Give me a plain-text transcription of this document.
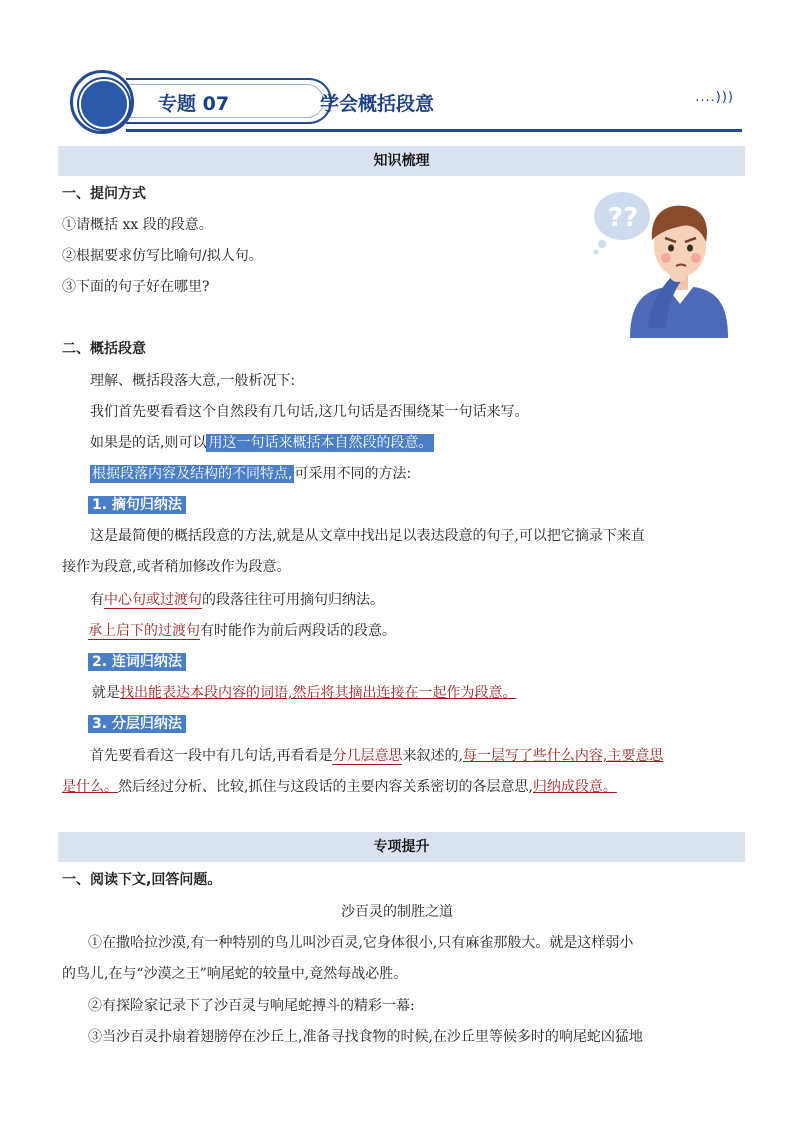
专题 07	学会概括段意	....)))
知识梳理
一、提问方式
①请概括 xx 段的段意。
②根据要求仿写比喻句/拟人句。
③下面的句子好在哪里?
??
二、概括段意
理解、概括段落大意,一般析况下:
我们首先要看看这个自然段有几句话,这几句话是否围绕某一句话来写。
如果是的话,则可以 用这一句话来概括本自然段的段意。
根据段落内容及结构的不同特点, 可采用不同的方法:
1. 摘句归纳法
这是最简便的概括段意的方法,就是从文章中找出足以表达段意的句子,可以把它摘录下来直
接作为段意,或者稍加修改作为段意。
有中心句或过渡句的段落往往可用摘句归纳法。
承上启下的过渡句有时能作为前后两段话的段意。
2. 连词归纳法
就是找出能表达本段内容的词语,然后将其摘出连接在一起作为段意。
3. 分层归纳法
首先要看看这一段中有几句话,再看看是分几层意思来叙述的,每一层写了些什么内容,主要意思
是什么。然后经过分析、比较,抓住与这段话的主要内容关系密切的各层意思,归纳成段意。
专项提升
一、阅读下文,回答问题。
沙百灵的制胜之道
①在撒哈拉沙漠,有一种特别的鸟儿叫沙百灵,它身体很小,只有麻雀那般大。就是这样弱小
的鸟儿,在与“沙漠之王”响尾蛇的较量中,竟然每战必胜。
②有探险家记录下了沙百灵与响尾蛇搏斗的精彩一幕:
③当沙百灵扑扇着翅膀停在沙丘上,准备寻找食物的时候,在沙丘里等候多时的响尾蛇凶猛地
